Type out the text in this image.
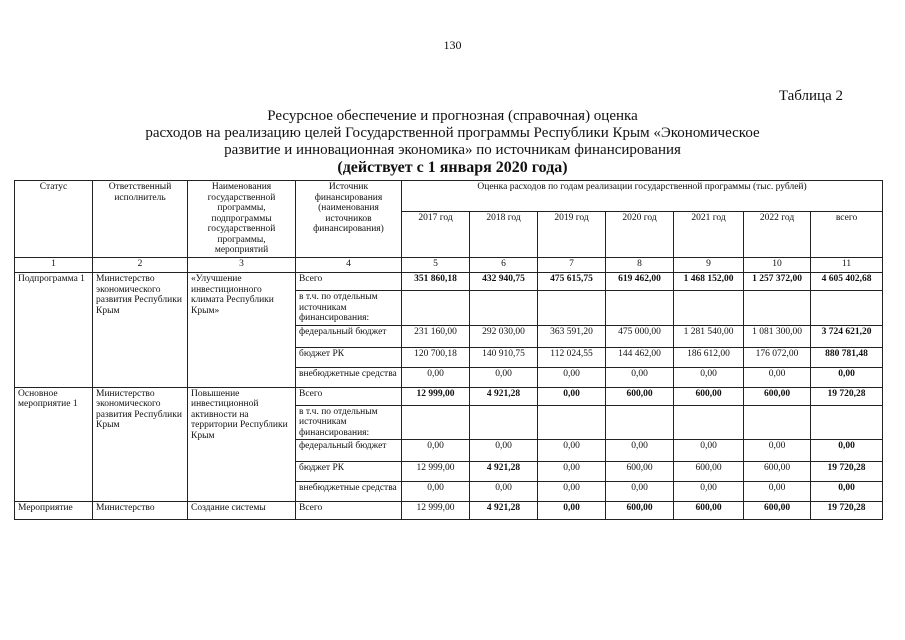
130
Таблица 2
Ресурсное обеспечение и прогнозная (справочная) оценка
расходов на реализацию целей Государственной программы Республики Крым «Экономическое
развитие и инновационная экономика» по источникам финансирования
(действует с 1 января 2020 года)
Статус	Ответственный исполнитель	Наименования государственной программы, подпрограммы государственной программы, мероприятий	Источник финансирования (наименования источников финансирования)	Оценка расходов по годам реализации государственной программы (тыс. рублей)						
				2017 год	2018 год	2019 год	2020 год	2021 год	2022 год	всего
1	2	3	4	5	6	7	8	9	10	11
Подпрограмма 1	Министерство экономического развития Республики Крым	«Улучшение инвестиционного климата Республики Крым»	Всего	351 860,18	432 940,75	475 615,75	619 462,00	1 468 152,00	1 257 372,00	4 605 402,68
			в т.ч. по отдельным источникам финансирования:							
			федеральный бюджет	231 160,00	292 030,00	363 591,20	475 000,00	1 281 540,00	1 081 300,00	3 724 621,20
			бюджет РК	120 700,18	140 910,75	112 024,55	144 462,00	186 612,00	176 072,00	880 781,48
			внебюджетные средства	0,00	0,00	0,00	0,00	0,00	0,00	0,00
Основное мероприятие 1	Министерство экономического развития Республики Крым	Повышение инвестиционной активности на территории Республики Крым	Всего	12 999,00	4 921,28	0,00	600,00	600,00	600,00	19 720,28
			в т.ч. по отдельным источникам финансирования:							
			федеральный бюджет	0,00	0,00	0,00	0,00	0,00	0,00	0,00
			бюджет РК	12 999,00	4 921,28	0,00	600,00	600,00	600,00	19 720,28
			внебюджетные средства	0,00	0,00	0,00	0,00	0,00	0,00	0,00
Мероприятие	Министерство	Создание системы	Всего	12 999,00	4 921,28	0,00	600,00	600,00	600,00	19 720,28
